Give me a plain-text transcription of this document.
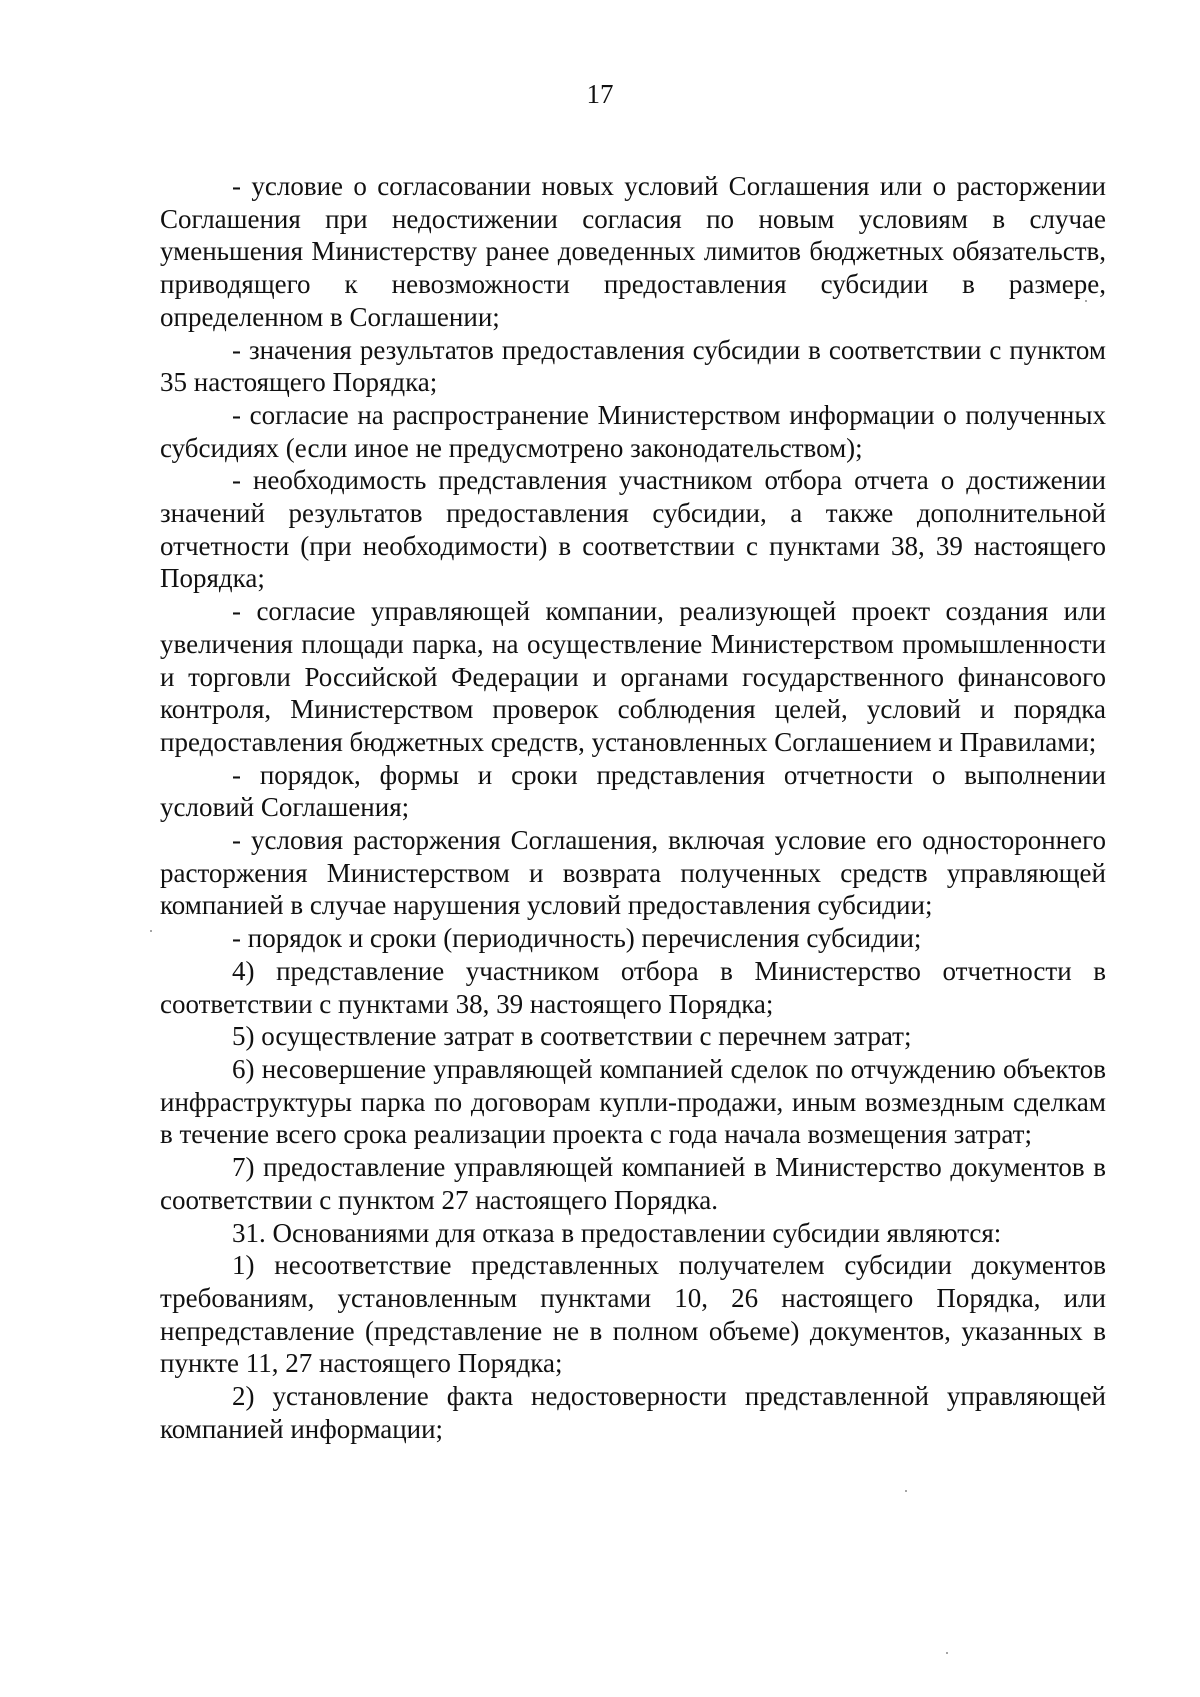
17

- условие о согласовании новых условий Соглашения или о расторжении Соглашения при недостижении согласия по новым условиям в случае уменьшения Министерству ранее доведенных лимитов бюджетных обязательств, приводящего к невозможности предоставления субсидии в размере, определенном в Соглашении;

- значения результатов предоставления субсидии в соответствии с пунктом 35 настоящего Порядка;

- согласие на распространение Министерством информации о полученных субсидиях (если иное не предусмотрено законодательством);

- необходимость представления участником отбора отчета о достижении значений результатов предоставления субсидии, а также дополнительной отчетности (при необходимости) в соответствии с пунктами 38, 39 настоящего Порядка;

- согласие управляющей компании, реализующей проект создания или увеличения площади парка, на осуществление Министерством промышленности и торговли Российской Федерации и органами государственного финансового контроля, Министерством проверок соблюдения целей, условий и порядка предоставления бюджетных средств, установленных Соглашением и Правилами;

- порядок, формы и сроки представления отчетности о выполнении условий Соглашения;

- условия расторжения Соглашения, включая условие его одностороннего расторжения Министерством и возврата полученных средств управляющей компанией в случае нарушения условий предоставления субсидии;

- порядок и сроки (периодичность) перечисления субсидии;

4) представление участником отбора в Министерство отчетности в соответствии с пунктами 38, 39 настоящего Порядка;

5) осуществление затрат в соответствии с перечнем затрат;

6) несовершение управляющей компанией сделок по отчуждению объектов инфраструктуры парка по договорам купли-продажи, иным возмездным сделкам в течение всего срока реализации проекта с года начала возмещения затрат;

7) предоставление управляющей компанией в Министерство документов в соответствии с пунктом 27 настоящего Порядка.

31. Основаниями для отказа в предоставлении субсидии являются:

1) несоответствие представленных получателем субсидии документов требованиям, установленным пунктами 10, 26 настоящего Порядка, или непредставление (представление не в полном объеме) документов, указанных в пункте 11, 27 настоящего Порядка;

2) установление факта недостоверности представленной управляющей компанией информации;
